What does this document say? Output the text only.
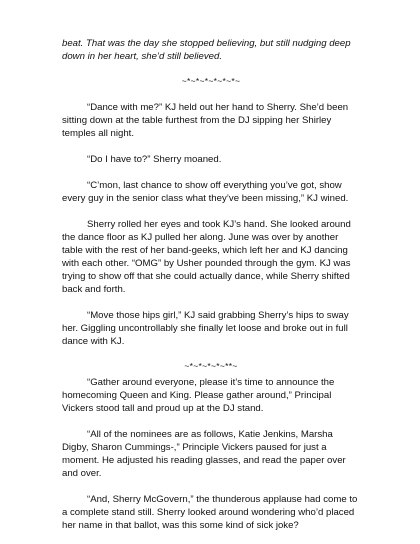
beat. That was the day she stopped believing, but still nudging deep down in her heart, she’d still believed.

~*~*~*~*~*~*~

“Dance with me?” KJ held out her hand to Sherry. She’d been sitting down at the table furthest from the DJ sipping her Shirley temples all night.

“Do I have to?” Sherry moaned.

“C’mon, last chance to show off everything you’ve got, show every guy in the senior class what they’ve been missing,” KJ wined.

Sherry rolled her eyes and took KJ’s hand. She looked around the dance floor as KJ pulled her along. June was over by another table with the rest of her band-geeks, which left her and KJ dancing with each other. “OMG” by Usher pounded through the gym. KJ was trying to show off that she could actually dance, while Sherry shifted back and forth.

“Move those hips girl,” KJ said grabbing Sherry’s hips to sway her. Giggling uncontrollably she finally let loose and broke out in full dance with KJ.

~*~*~*~*~**~

“Gather around everyone, please it’s time to announce the homecoming Queen and King. Please gather around,” Principal Vickers stood tall and proud up at the DJ stand.

“All of the nominees are as follows, Katie Jenkins, Marsha Digby, Sharon Cummings-,” Principle Vickers paused for just a moment. He adjusted his reading glasses, and read the paper over and over.

“And, Sherry McGovern,” the thunderous applause had come to a complete stand still. Sherry looked around wondering who’d placed her name in that ballot, was this some kind of sick joke?
